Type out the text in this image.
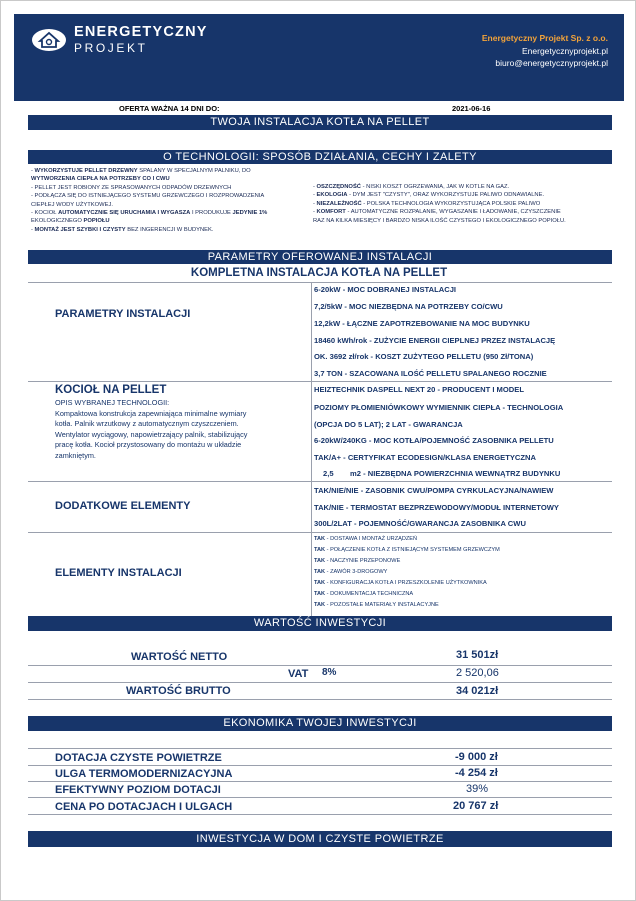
ENERGETYCZNY
PROJEKT
Energetyczny Projekt Sp. z o.o.
Energetycznyprojekt.pl
biuro@energetycznyprojekt.pl
OFERTA WAŻNA 14 DNI DO:	2021-06-16
TWOJA INSTALACJA KOTŁA NA PELLET
O TECHNOLOGII: SPOSÓB DZIAŁANIA, CECHY I ZALETY
- WYKORZYSTUJE PELLET DRZEWNY SPALANY W SPECJALNYM PALNIKU, DO
WYTWORZENIA CIEPŁA NA POTRZEBY CO I CWU
- PELLET JEST ROBIONY ZE SPRASOWANYCH ODPADÓW DRZEWNYCH
- PODŁĄCZA SIĘ DO ISTNIEJĄCEGO SYSTEMU GRZEWCZEGO I ROZPROWADZENIA
CIEPŁEJ WODY UŻYTKOWEJ.
- KOCIOŁ AUTOMATYCZNIE SIĘ URUCHAMIA I WYGASZA I PRODUKUJE JEDYNIE 1%
EKOLOGICZNEGO POPIOŁU
- MONTAŻ JEST SZYBKI I CZYSTY BEZ INGERENCJI W BUDYNEK.
- OSZCZĘDNOŚĆ - NISKI KOSZT OGRZEWANIA, JAK W KOTLE NA GAZ.
- EKOLOGIA - DYM JEST "CZYSTY", ORAZ WYKORZYSTUJE PALIWO ODNAWIALNE.
- NIEZALEŻNOŚĆ - POLSKA TECHNOLOGIA WYKORZYSTUJĄCA POLSKIE PALIWO
- KOMFORT - AUTOMATYCZNE ROZPALANIE, WYGASZANIE I ŁADOWANIE, CZYSZCZENIE
RAZ NA KILKA MIESIĘCY I BARDZO NISKA ILOŚĆ CZYSTEGO I EKOLOGICZNEGO POPIOŁU.
PARAMETRY OFEROWANEJ INSTALACJI
KOMPLETNA INSTALACJA KOTŁA NA PELLET
PARAMETRY INSTALACJI
6-20kW - MOC DOBRANEJ INSTALACJI
7,2/5kW - MOC NIEZBĘDNA NA POTRZEBY CO/CWU
12,2kW - ŁĄCZNE ZAPOTRZEBOWANIE NA MOC BUDYNKU
18460 kWh/rok - ZUŻYCIE ENERGII CIEPLNEJ PRZEZ INSTALACJĘ
OK. 3692 zł/rok - KOSZT ZUŻYTEGO PELLETU (950 Zł/TONA)
3,7 TON - SZACOWANA ILOŚĆ PELLETU SPALANEGO ROCZNIE
KOCIOŁ NA PELLET
OPIS WYBRANEJ TECHNOLOGII:
Kompaktowa konstrukcja zapewniająca minimalne wymiary
kotła. Palnik wrzutkowy z automatycznym czyszczeniem.
Wentylator wyciągowy, napowietrzający palnik, stabilizujący
pracę kotła. Kocioł przystosowany do montażu w układzie
zamkniętym.
HEIZTECHNIK DASPELL NEXT 20 - PRODUCENT I MODEL
POZIOMY PŁOMIENIÓWKOWY WYMIENNIK CIEPŁA - TECHNOLOGIA
(OPCJA DO 5 LAT); 2 LAT - GWARANCJA
6-20kW/240KG - MOC KOTŁA/POJEMNOŚĆ ZASOBNIKA PELLETU
TAK/A+ - CERTYFIKAT ECODESIGN/KLASA ENERGETYCZNA
2,5 m2 - NIEZBĘDNA POWIERZCHNIA WEWNĄTRZ BUDYNKU
DODATKOWE ELEMENTY
TAK/NIE/NIE - ZASOBNIK CWU/POMPA CYRKULACYJNA/NAWIEW
TAK/NIE - TERMOSTAT BEZPRZEWODOWY/MODUŁ INTERNETOWY
300L/2LAT - POJEMNOŚĆ/GWARANCJA ZASOBNIKA CWU
ELEMENTY INSTALACJI
TAK - DOSTAWA I MONTAŻ URZĄDZEŃ
TAK - POŁĄCZENIE KOTŁA Z ISTNIEJĄCYM SYSTEMEM GRZEWCZYM
TAK - NACZYNIE PRZEPONOWE
TAK - ZAWÓR 3-DROGOWY
TAK - KONFIGURACJA KOTŁA I PRZESZKOLENIE UŻYTKOWNIKA
TAK - DOKUMENTACJA TECHNICZNA
TAK - POZOSTAŁE MATERIAŁY INSTALACYJNE
WARTOŚĆ INWESTYCJI
WARTOŚĆ NETTO	31 501zł
VAT 8%	2 520,06
WARTOŚĆ BRUTTO	34 021zł
EKONOMIKA TWOJEJ INWESTYCJI
DOTACJA CZYSTE POWIETRZE	-9 000 zł
ULGA TERMOMODERNIZACYJNA	-4 254 zł
EFEKTYWNY POZIOM DOTACJI	39%
CENA PO DOTACJACH I ULGACH	20 767 zł
INWESTYCJA W DOM I CZYSTE POWIETRZE
